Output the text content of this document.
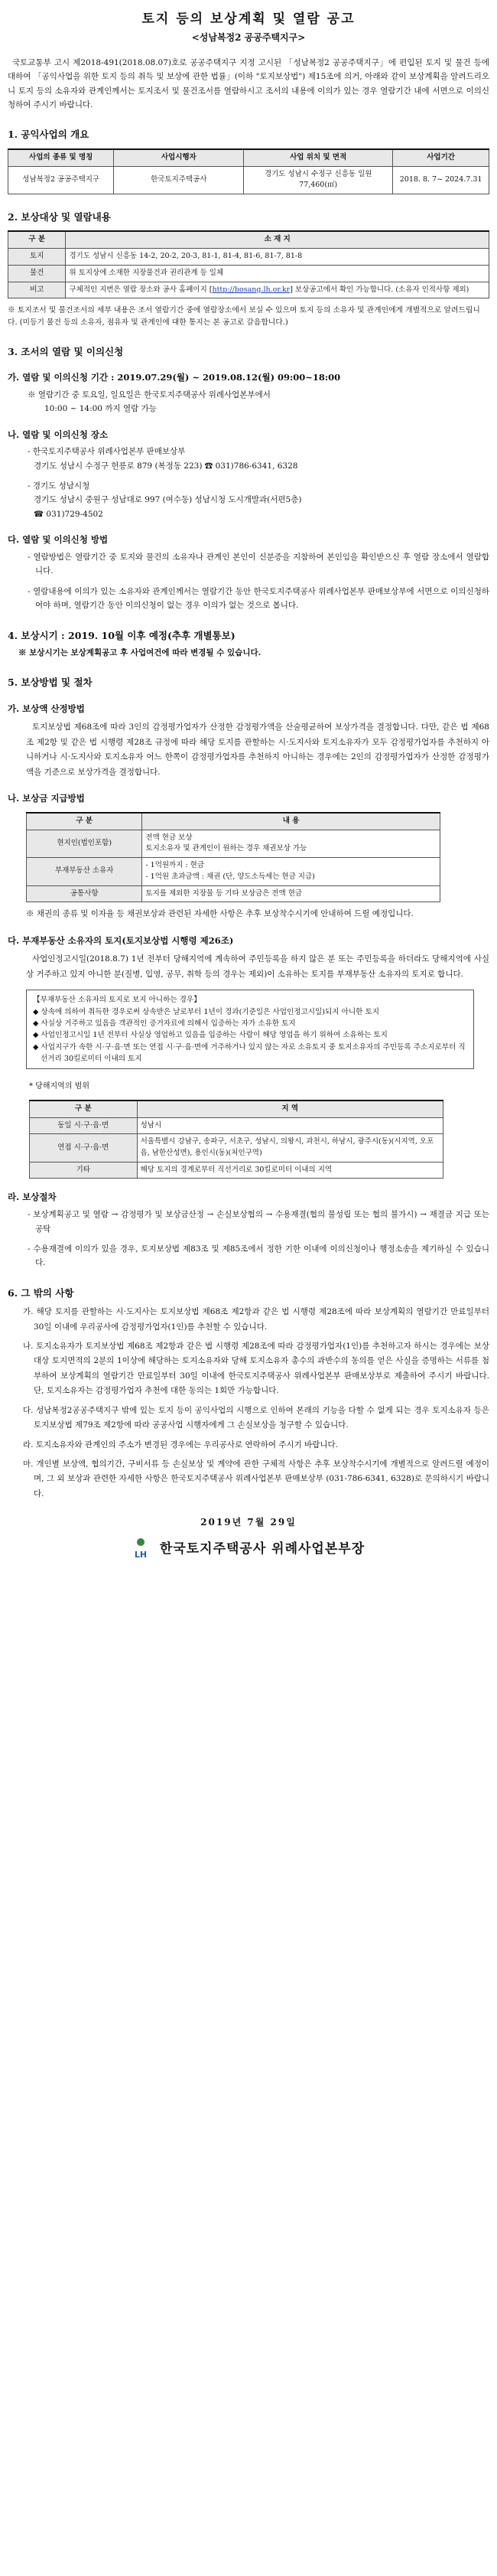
토지 등의 보상계획 및 열람 공고
<성남복정2 공공주택지구>

국토교통부 고시 제2018-491(2018.08.07)호로 공공주택지구 지정 고시된 「성남복정2 공공주택지구」에 편입된 토지 및 물건 등에 대하여 「공익사업을 위한 토지 등의 취득 및 보상에 관한 법률」(이하 "토지보상법") 제15조에 의거, 아래와 같이 보상계획을 알려드리오니 토지 등의 소유자와 관계인께서는 토지조서 및 물건조서를 열람하시고 조서의 내용에 이의가 있는 경우 열람기간 내에 서면으로 이의신청하여 주시기 바랍니다.

1. 공익사업의 개요
사업의 종류 및 명칭	사업시행자	사업 위치 및 면적	사업기간
성남복정2 공공주택지구	한국토지주택공사	경기도 성남시 수정구 신흥동 일원 77,460(㎡)	2018. 8. 7~ 2024.7.31
2. 보상대상 및 열람내용
구 분	소 재 지
토지	경기도 성남시 신흥동 14-2, 20-2, 20-3, 81-1, 81-4, 81-6, 81-7, 81-8
물건	위 토지상에 소재한 지장물건과 권리관계 등 일체
비고	구체적인 지번은 열람 장소와 공사 홈페이지 [http://bosang.lh.or.kr] 보상공고에서 확인 가능합니다. (소유자 인적사항 제외)

※ 토지조서 및 물건조서의 세부 내용은 조서 열람기간 중에 열람장소에서 보실 수 있으며 토지 등의 소유자 및 관계인에게 개별적으로 알려드립니다. (미등기 물건 등의 소유자, 점유자 및 관계인에 대한 통지는 본 공고로 갈음합니다.)

3. 조서의 열람 및 이의신청
가. 열람 및 이의신청 기간 : 2019.07.29(월) ~ 2019.08.12(월) 09:00~18:00
※ 열람기간 중 토요일, 일요일은 한국토지주택공사 위례사업본부에서
10:00 ~ 14:00 까지 열람 가능
나. 열람 및 이의신청 장소
- 한국토지주택공사 위례사업본부 판매보상부
경기도 성남시 수정구 헌릉로 879 (복정동 223) ☎ 031)786-6341, 6328
- 경기도 성남시청
경기도 성남시 중원구 성남대로 997 (여수동) 성남시청 도시개발과(서편5층)
☎ 031)729-4502
다. 열람 및 이의신청 방법
- 열람방법은 열람기간 중 토지와 물건의 소유자나 관계인 본인이 신분증을 지참하여 본인임을 확인받으신 후 열람 장소에서 열람합니다.
- 열람내용에 이의가 있는 소유자와 관계인께서는 열람기간 동안 한국토지주택공사 위례사업본부 판매보상부에 서면으로 이의신청하여야 하며, 열람기간 동안 이의신청이 없는 경우 이의가 없는 것으로 봅니다.
4. 보상시기 : 2019. 10월 이후 예정(추후 개별통보)
※ 보상시기는 보상계획공고 후 사업여건에 따라 변경될 수 있습니다.
5. 보상방법 및 절차
가. 보상액 산정방법

토지보상법 제68조에 따라 3인의 감정평가업자가 산정한 감정평가액을 산술평균하여 보상가격을 결정합니다. 다만, 같은 법 제68조 제2항 및 같은 법 시행령 제28조 규정에 따라 해당 토지를 관할하는 시·도지사와 토지소유자가 모두 감정평가업자를 추천하지 아니하거나 시·도지사와 토지소유자 어느 한쪽이 감정평가업자를 추천하지 아니하는 경우에는 2인의 감정평가업자가 산정한 감정평가액을 기준으로 보상가격을 결정합니다.

나. 보상금 지급방법
구 분	내 용
현지인(법인포함)	전액 현금 보상
토지소유자 및 관계인이 원하는 경우 채권보상 가능

부재부동산 소유자	- 1억원까지 : 현금
- 1억원 초과금액 : 채권 (단, 양도소득세는 현금 지급)

공통사항	토지를 제외한 지장물 등 기타 보상금은 전액 현금

※ 채권의 종류 및 이자율 등 채권보상과 관련된 자세한 사항은 추후 보상착수시기에 안내하여 드릴 예정입니다.

다. 부재부동산 소유자의 토지(토지보상법 시행령 제26조)

사업인정고시일(2018.8.7) 1년 전부터 당해지역에 계속하여 주민등록을 하지 않은 분 또는 주민등록을 하더라도 당해지역에 사실상 거주하고 있지 아니한 분(질병, 입영, 공무, 취학 등의 경우는 제외)이 소유하는 토지를 부재부동산 소유자의 토지로 합니다.

【부재부동산 소유자의 토지로 보지 아니하는 경우】
◆ 상속에 의하여 취득한 경우로써 상속받은 날로부터 1년이 경과(기준일은 사업인정고시일)되지 아니한 토지
◆ 사실상 거주하고 있음을 객관적인 증거자료에 의해서 입증하는 자가 소유한 토지
◆ 사업인정고시일 1년 전부터 사실상 영업하고 있음을 입증하는 사람이 해당 영업을 하기 위하여 소유하는 토지
◆ 사업지구가 속한 시·구·읍·면 또는 연접 시·구·읍·면에 거주하거나 있지 않는 자로 소유토지 중 토지소유자의 주민등록 주소지로부터 직선거리 30킬로미터 이내의 토지
* 당해지역의 범위
구 분	지 역
동일 시·구·읍·면	성남시
연접 시·구·읍·면	서울특별시 강남구, 송파구, 서초구, 성남시, 의왕시, 과천시, 하남시, 광주시(동)(시지역, 오포읍, 남한산성면), 용인시(동)(처인구역)
기타	해당 토지의 경계로부터 직선거리로 30킬로미터 이내의 지역
라. 보상절차
- 보상계획공고 및 열람 → 감정평가 및 보상금산정 → 손실보상협의 → 수용재결(협의 불성립 또는 협의 불가시) → 재결금 지급 또는 공탁
- 수용재결에 이의가 있을 경우, 토지보상법 제83조 및 제85조에서 정한 기한 이내에 이의신청이나 행정소송을 제기하실 수 있습니다.
6. 그 밖의 사항

가. 해당 토지를 관할하는 시·도지사는 토지보상법 제68조 제2항과 같은 법 시행령 제28조에 따라 보상계획의 열람기간 만료일부터 30일 이내에 우리공사에 감정평가업자(1인)를 추천할 수 있습니다.

나. 토지소유자가 토지보상법 제68조 제2항과 같은 법 시행령 제28조에 따라 감정평가업자(1인)를 추천하고자 하시는 경우에는 보상대상 토지면적의 2분의 1이상에 해당하는 토지소유자와 당해 토지소유자 총수의 과반수의 동의를 얻은 사실을 증명하는 서류를 첨부하여 보상계획의 열람기간 만료일부터 30일 이내에 한국토지주택공사 위례사업본부 판매보상부로 제출하여 주시기 바랍니다. 단, 토지소유자는 감정평가업자 추천에 대한 동의는 1회만 가능합니다.

다. 성남복정2공공주택지구 밖에 있는 토지 등이 공익사업의 시행으로 인하여 본래의 기능을 다할 수 없게 되는 경우 토지소유자 등은 토지보상법 제79조 제2항에 따라 공공사업 시행자에게 그 손실보상을 청구할 수 있습니다.

라. 토지소유자와 관계인의 주소가 변경된 경우에는 우리공사로 연락하여 주시기 바랍니다.

마. 개인별 보상액, 협의기간, 구비서류 등 손실보상 및 계약에 관한 구체적 사항은 추후 보상착수시기에 개별적으로 알려드릴 예정이며, 그 외 보상과 관련한 자세한 사항은 한국토지주택공사 위례사업본부 판매보상부 (031-786-6341, 6328)로 문의하시기 바랍니다.

2019년 7월 29일
LH 한국토지주택공사 위례사업본부장
